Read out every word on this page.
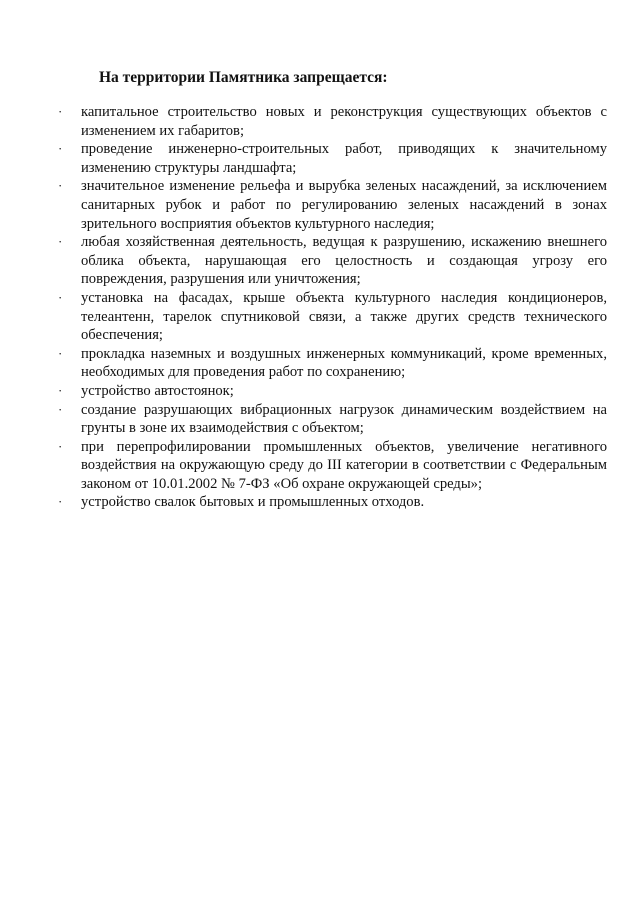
На территории Памятника запрещается:
· капитальное строительство новых и реконструкция существующих объектов с изменением их габаритов;
· проведение инженерно-строительных работ, приводящих к значительному изменению структуры ландшафта;
· значительное изменение рельефа и вырубка зеленых насаждений, за исключением санитарных рубок и работ по регулированию зеленых насаждений в зонах зрительного восприятия объектов культурного наследия;
· любая хозяйственная деятельность, ведущая к разрушению, искажению внешнего облика объекта, нарушающая его целостность и создающая угрозу его повреждения, разрушения или уничтожения;
· установка на фасадах, крыше объекта культурного наследия кондиционеров, телеантенн, тарелок спутниковой связи, а также других средств технического обеспечения;
· прокладка наземных и воздушных инженерных коммуникаций, кроме временных, необходимых для проведения работ по сохранению;
· устройство автостоянок;
· создание разрушающих вибрационных нагрузок динамическим воздействием на грунты в зоне их взаимодействия с объектом;
· при перепрофилировании промышленных объектов, увеличение негативного воздействия на окружающую среду до III категории в соответствии с Федеральным законом от 10.01.2002 № 7-ФЗ «Об охране окружающей среды»;
· устройство свалок бытовых и промышленных отходов.
